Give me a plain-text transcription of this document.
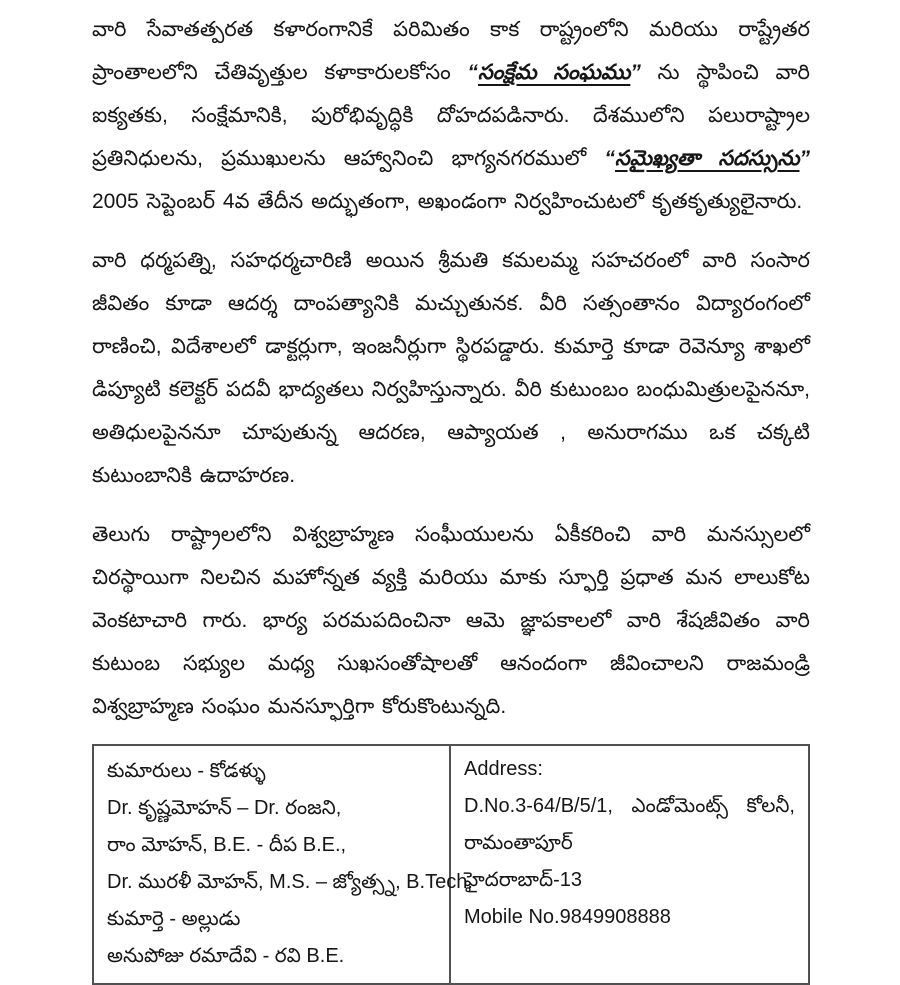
వారి సేవాతత్పరత కళారంగానికే పరిమితం కాక రాష్ట్రంలోని మరియు రాష్ట్రేతర ప్రాంతాలలోని చేతివృత్తుల కళాకారులకోసం “సంక్షేమ సంఘము” ను స్థాపించి వారి ఐక్యతకు, సంక్షేమానికి, పురోభివృద్ధికి దోహదపడినారు. దేశములోని పలురాష్ట్రాల ప్రతినిధులను, ప్రముఖులను ఆహ్వానించి భాగ్యనగరములో “సమైఖ్యతా సదస్సును” 2005 సెప్టెంబర్ 4వ తేదీన అద్భుతంగా, అఖండంగా నిర్వహించుటలో కృతకృత్యులైనారు.

వారి ధర్మపత్ని, సహధర్మచారిణి అయిన శ్రీమతి కమలమ్మ సహచరంలో వారి సంసార జీవితం కూడా ఆదర్శ దాంపత్యానికి మచ్చుతునక. వీరి సత్సంతానం విద్యారంగంలో రాణించి, విదేశాలలో డాక్టర్లుగా, ఇంజనీర్లుగా స్థిరపడ్డారు. కుమార్తె కూడా రెవెన్యూ శాఖలో డిప్యూటి కలెక్టర్ పదవీ భాద్యతలు నిర్వహిస్తున్నారు. వీరి కుటుంబం బంధుమిత్రులపైననూ, అతిధులపైననూ చూపుతున్న ఆదరణ, ఆప్యాయత , అనురాగము ఒక చక్కటి కుటుంబానికి ఉదాహరణ.

తెలుగు రాష్ట్రాలలోని విశ్వబ్రాహ్మణ సంఘీయులను ఏకీకరించి వారి మనస్సులలో చిరస్థాయిగా నిలచిన మహోన్నత వ్యక్తి మరియు మాకు స్ఫూర్తి ప్రధాత మన లాలుకోట వెంకటాచారి గారు. భార్య పరమపదించినా ఆమె జ్ఞాపకాలలో వారి శేషజీవితం వారి కుటుంబ సభ్యుల మధ్య సుఖసంతోషాలతో ఆనందంగా జీవించాలని రాజమండ్రి విశ్వబ్రాహ్మణ సంఘం మనస్ఫూర్తిగా కోరుకొంటున్నది.

కుమారులు - కోడళ్ళు
Dr. కృష్ణమోహన్ – Dr. రంజని,
రాం మోహన్, B.E. - దీప B.E.,
Dr. మురళీ మోహన్, M.S. – జ్యోత్స్న, B.Tech.
కుమార్తె - అల్లుడు
అనుపోజు రమాదేవి - రవి B.E.
Address:
D.No.3-64/B/5/1, ఎండోమెంట్స్ కోలనీ,
రామంతాపూర్
హైదరాబాద్-13
Mobile No.9849908888
